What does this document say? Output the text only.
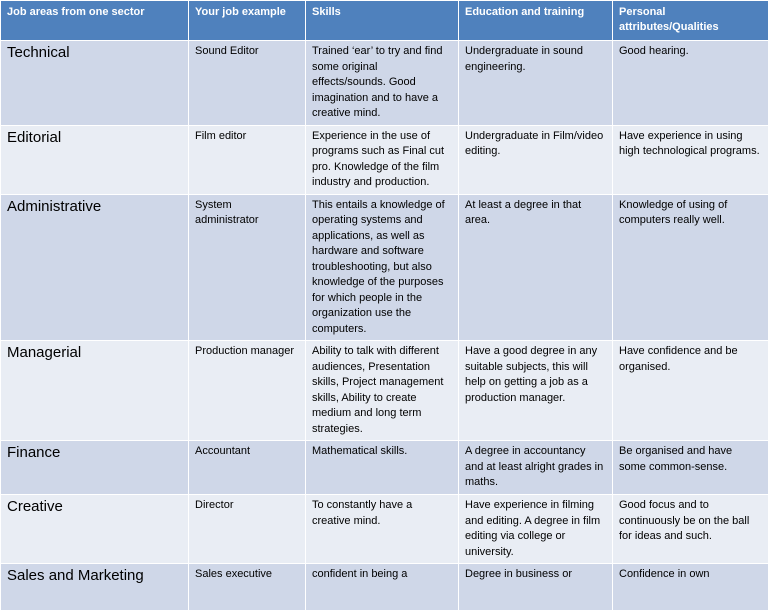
Job areas from one sector	Your job example	Skills	Education and training	Personal attributes/Qualities
Technical	Sound Editor	Trained ‘ear’ to try and find some original effects/sounds. Good imagination and to have a creative mind.	Undergraduate in sound engineering.	Good hearing.
Editorial	Film editor	Experience in the use of programs such as Final cut pro. Knowledge of the film industry and production.	Undergraduate in Film/video editing.	Have experience in using high technological programs.
Administrative	System administrator	This entails a knowledge of operating systems and applications, as well as hardware and software troubleshooting, but also knowledge of the purposes for which people in the organization use the computers.	At least a degree in that area.	Knowledge of using of computers really well.
Managerial	Production manager	Ability to talk with different audiences, Presentation skills, Project management skills, Ability to create medium and long term strategies.	Have a good degree in any suitable subjects, this will help on getting a job as a production manager.	Have confidence and be organised.
Finance	Accountant	Mathematical skills.	A degree in accountancy and at least alright grades in maths.	Be organised and have some common-sense.
Creative	Director	To constantly have a creative mind.	Have experience in filming and editing. A degree in film editing via college or university.	Good focus and to continuously be on the ball for ideas and such.
Sales and Marketing	Sales executive	confident in being a	Degree in business or	Confidence in own
